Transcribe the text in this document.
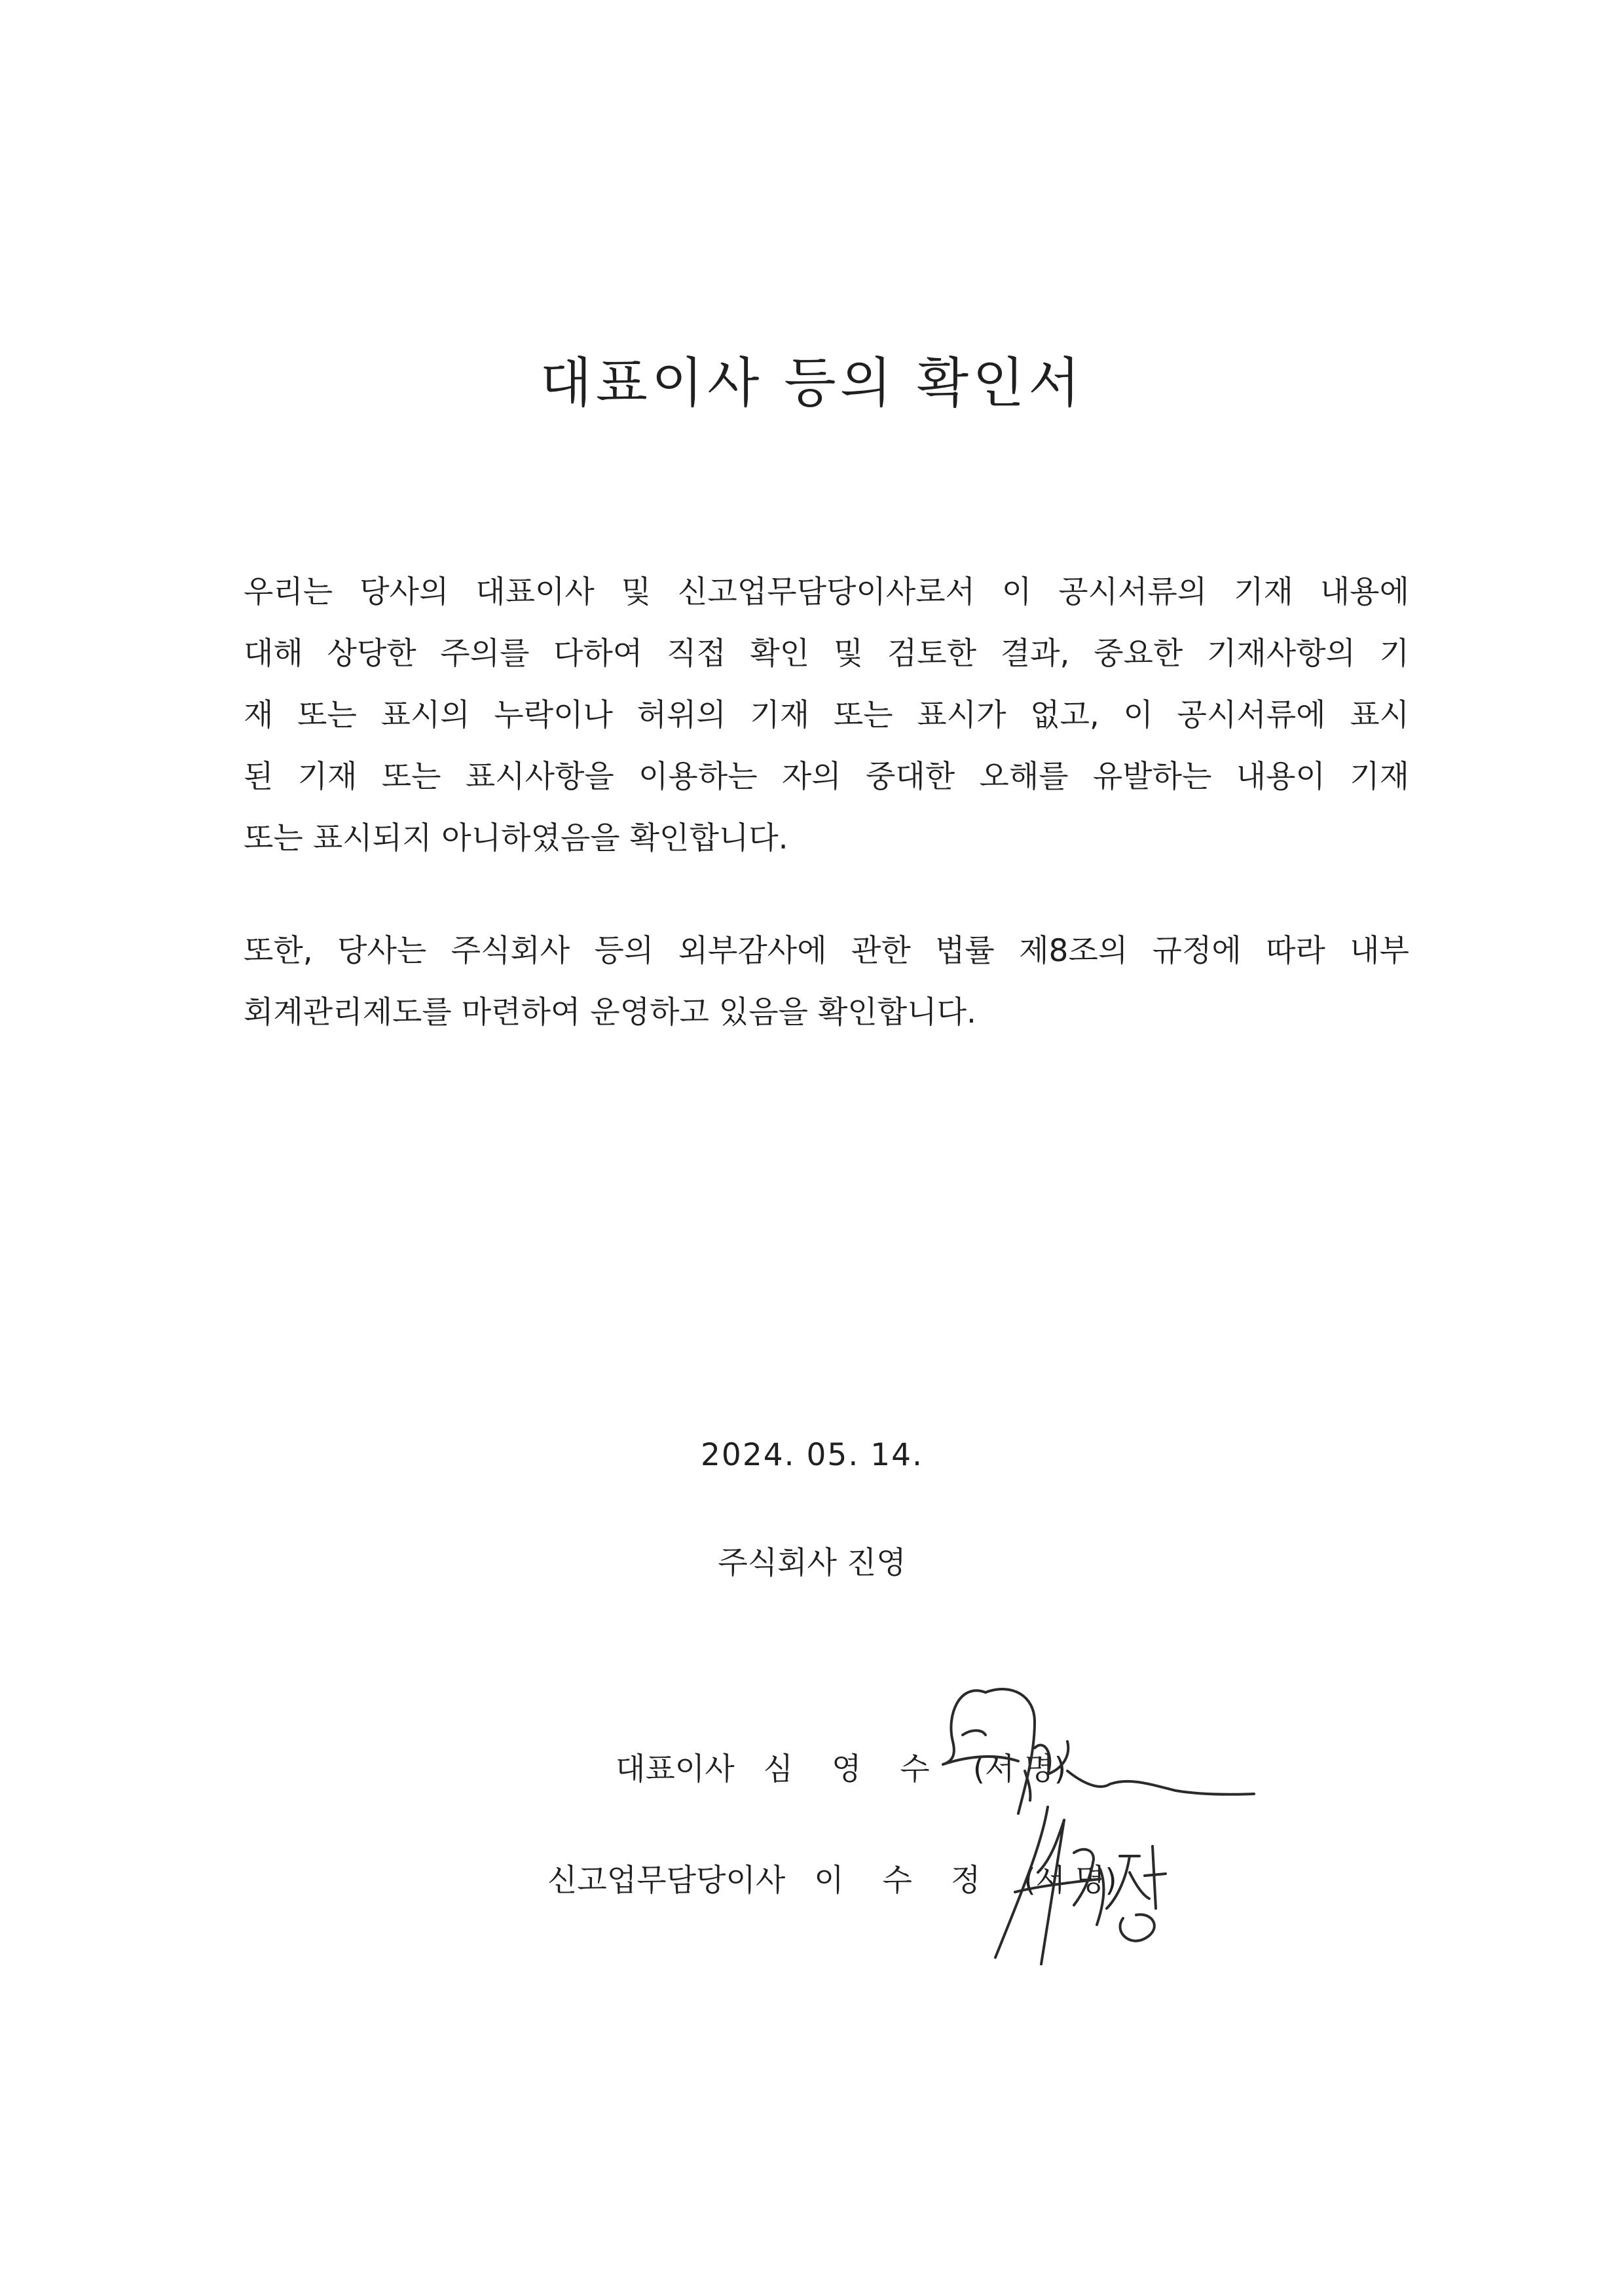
대표이사 등의 확인서
우리는 당사의 대표이사 및 신고업무담당이사로서 이 공시서류의 기재 내용에
대해 상당한 주의를 다하여 직접 확인 및 검토한 결과, 중요한 기재사항의 기
재 또는 표시의 누락이나 허위의 기재 또는 표시가 없고, 이 공시서류에 표시
된 기재 또는 표시사항을 이용하는 자의 중대한 오해를 유발하는 내용이 기재
또는 표시되지 아니하였음을 확인합니다.
또한, 당사는 주식회사 등의 외부감사에 관한 법률 제8조의 규정에 따라 내부
회계관리제도를 마련하여 운영하고 있음을 확인합니다.
2024. 05. 14.
주식회사 진영
대표이사 심 영 수 (서 명)
신고업무담당이사 이 수 정 (서 명)
